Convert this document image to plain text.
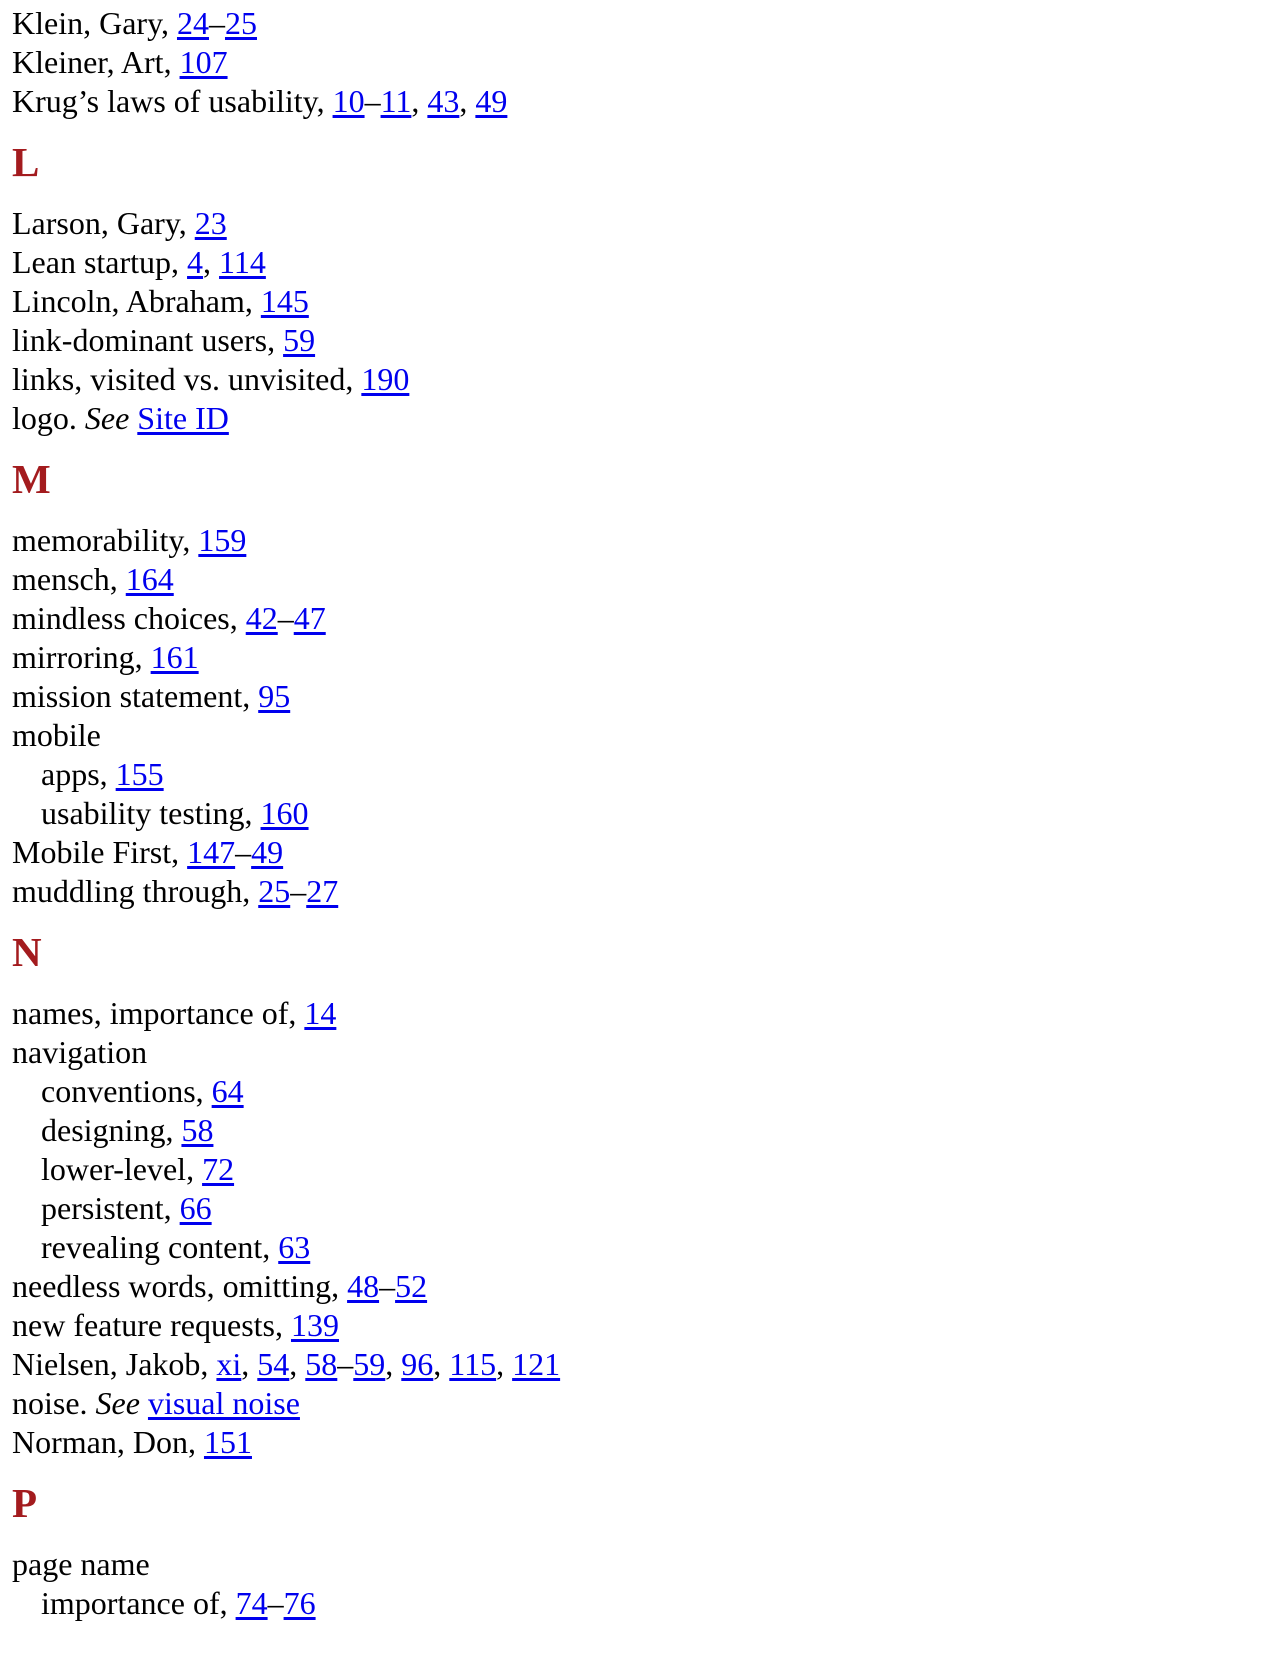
Klein, Gary, 24–25

Kleiner, Art, 107

Krug’s laws of usability, 10–11, 43, 49

L

Larson, Gary, 23

Lean startup, 4, 114

Lincoln, Abraham, 145

link-dominant users, 59

links, visited vs. unvisited, 190

logo. See Site ID

M

memorability, 159

mensch, 164

mindless choices, 42–47

mirroring, 161

mission statement, 95

mobile

apps, 155

usability testing, 160

Mobile First, 147–49

muddling through, 25–27

N

names, importance of, 14

navigation

conventions, 64

designing, 58

lower-level, 72

persistent, 66

revealing content, 63

needless words, omitting, 48–52

new feature requests, 139

Nielsen, Jakob, xi, 54, 58–59, 96, 115, 121

noise. See visual noise

Norman, Don, 151

P

page name

importance of, 74–76
